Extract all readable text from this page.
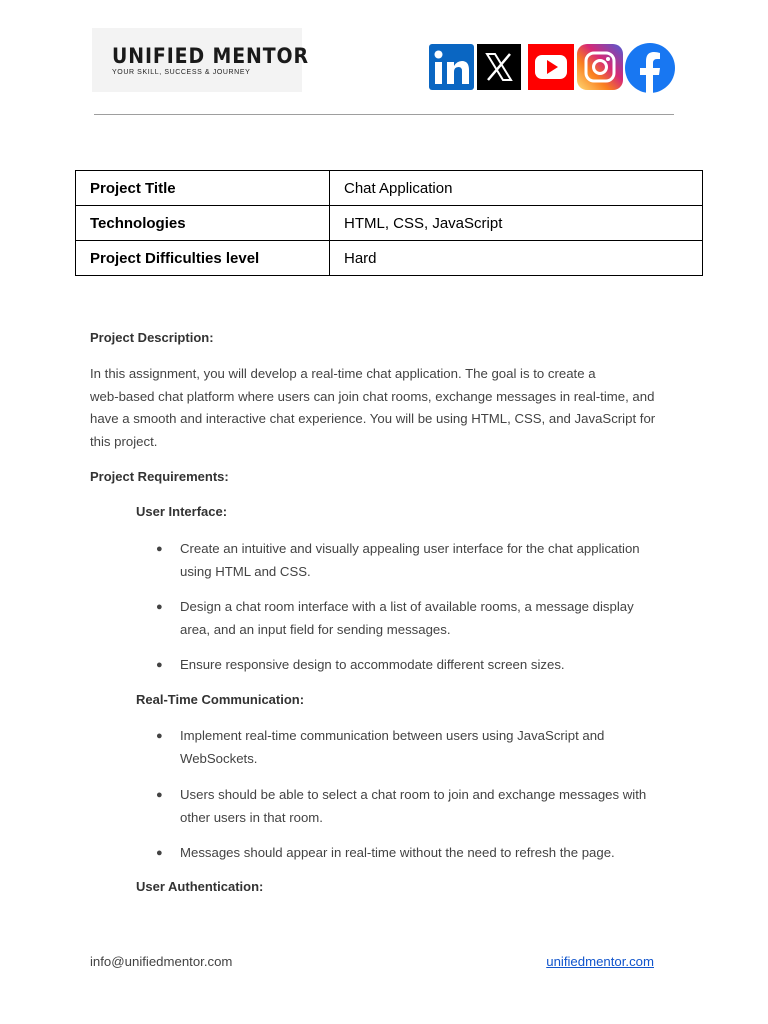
UNIFIED MENTOR
YOUR SKILL, SUCCESS & JOURNEY
Project Title	Chat Application
Technologies	HTML, CSS, JavaScript
Project Difficulties level	Hard
Project Description:
In this assignment, you will develop a real-time chat application. The goal is to create a
web-based chat platform where users can join chat rooms, exchange messages in real-time, and
have a smooth and interactive chat experience. You will be using HTML, CSS, and JavaScript for
this project.
Project Requirements:
User Interface:
● Create an intuitive and visually appealing user interface for the chat application
using HTML and CSS.
● Design a chat room interface with a list of available rooms, a message display
area, and an input field for sending messages.
● Ensure responsive design to accommodate different screen sizes.
Real-Time Communication:
● Implement real-time communication between users using JavaScript and
WebSockets.
● Users should be able to select a chat room to join and exchange messages with
other users in that room.
● Messages should appear in real-time without the need to refresh the page.
User Authentication:
info@unifiedmentor.com	unifiedmentor.com
